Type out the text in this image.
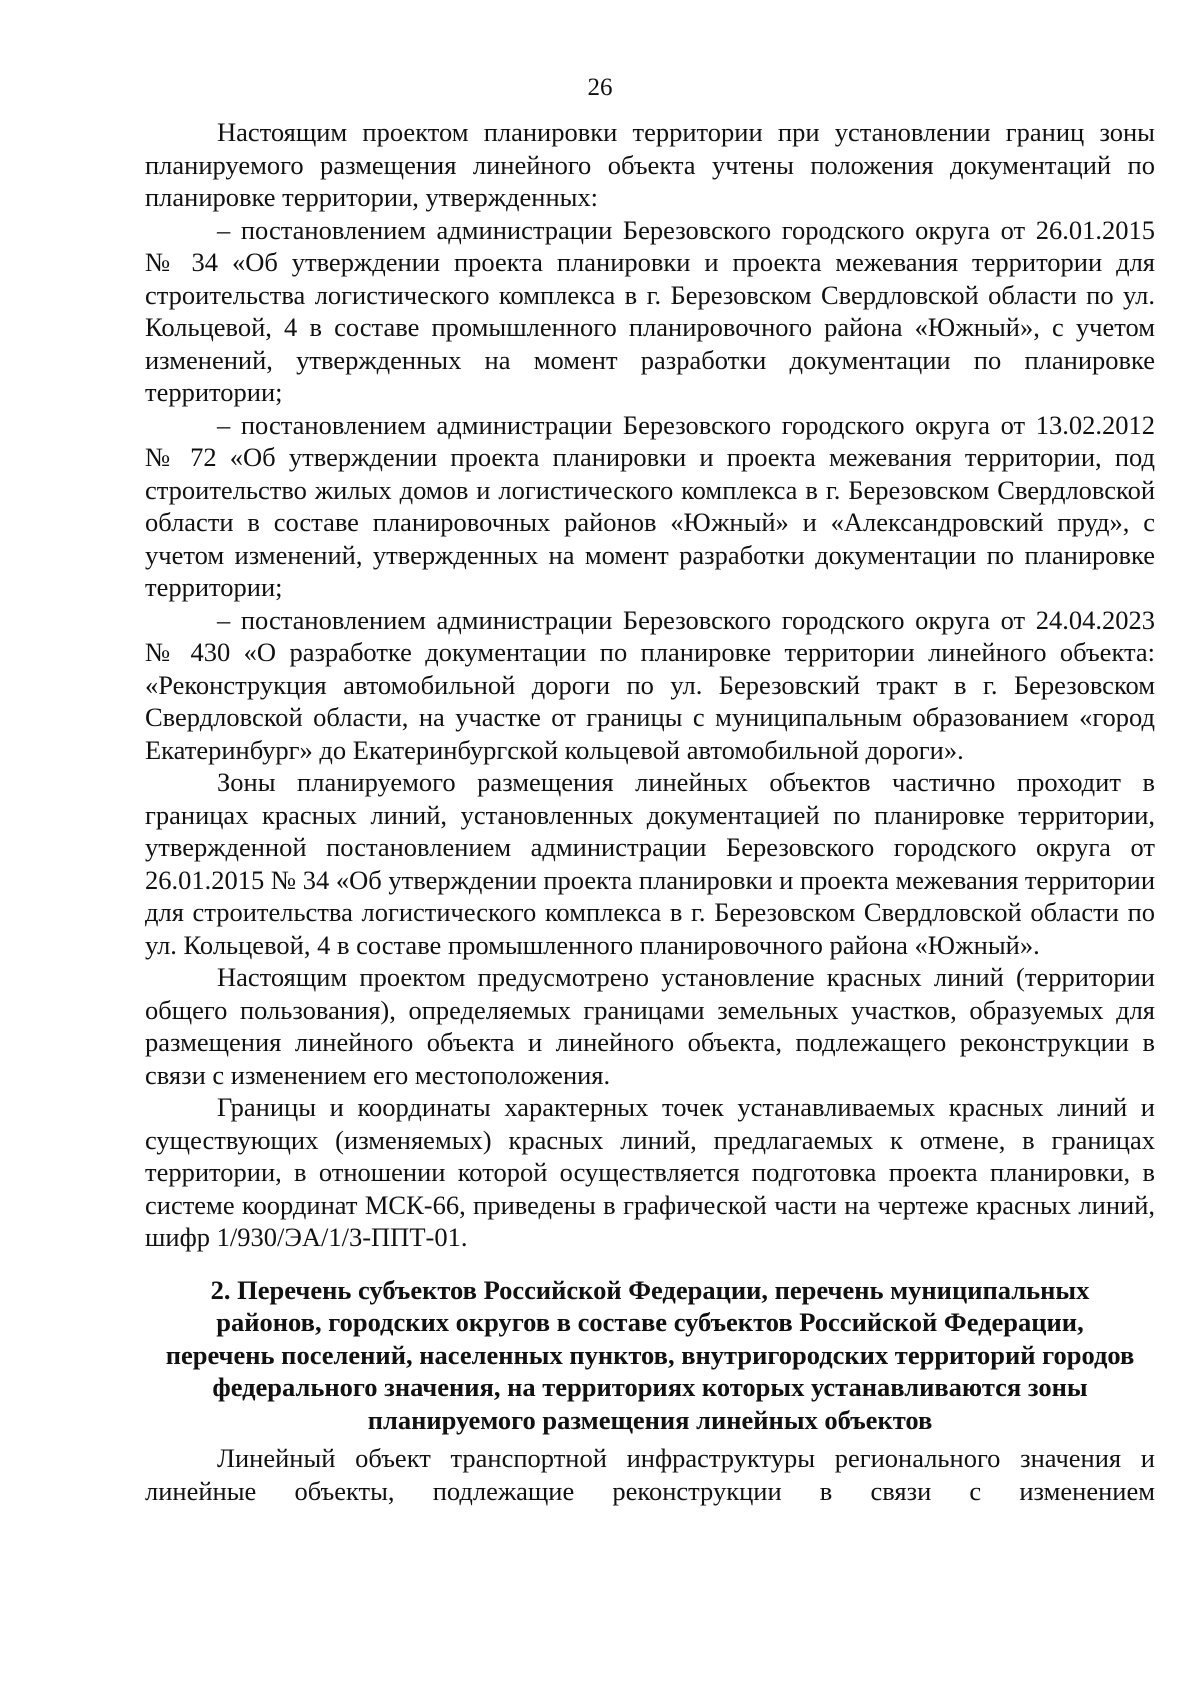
26

Настоящим проектом планировки территории при установлении границ зоны планируемого размещения линейного объекта учтены положения документаций по планировке территории, утвержденных:

– постановлением администрации Березовского городского округа от 26.01.2015 № 34 «Об утверждении проекта планировки и проекта межевания территории для строительства логистического комплекса в г. Березовском Свердловской области по ул. Кольцевой, 4 в составе промышленного планировочного района «Южный», с учетом изменений, утвержденных на момент разработки документации по планировке территории;

– постановлением администрации Березовского городского округа от 13.02.2012 № 72 «Об утверждении проекта планировки и проекта межевания территории, под строительство жилых домов и логистического комплекса в г. Березовском Свердловской области в составе планировочных районов «Южный» и «Александровский пруд», с учетом изменений, утвержденных на момент разработки документации по планировке территории;

– постановлением администрации Березовского городского округа от 24.04.2023 № 430 «О разработке документации по планировке территории линейного объекта: «Реконструкция автомобильной дороги по ул. Березовский тракт в г. Березовском Свердловской области, на участке от границы с муниципальным образованием «город Екатеринбург» до Екатеринбургской кольцевой автомобильной дороги».

Зоны планируемого размещения линейных объектов частично проходит в границах красных линий, установленных документацией по планировке территории, утвержденной постановлением администрации Березовского городского округа от 26.01.2015 № 34 «Об утверждении проекта планировки и проекта межевания территории для строительства логистического комплекса в г. Березовском Свердловской области по ул. Кольцевой, 4 в составе промышленного планировочного района «Южный».

Настоящим проектом предусмотрено установление красных линий (территории общего пользования), определяемых границами земельных участков, образуемых для размещения линейного объекта и линейного объекта, подлежащего реконструкции в связи с изменением его местоположения.

Границы и координаты характерных точек устанавливаемых красных линий и существующих (изменяемых) красных линий, предлагаемых к отмене, в границах территории, в отношении которой осуществляется подготовка проекта планировки, в системе координат МСК-66, приведены в графической части на чертеже красных линий, шифр 1/930/ЭА/1/3-ППТ-01.

2. Перечень субъектов Российской Федерации, перечень муниципальных районов, городских округов в составе субъектов Российской Федерации, перечень поселений, населенных пунктов, внутригородских территорий городов федерального значения, на территориях которых устанавливаются зоны планируемого размещения линейных объектов

Линейный объект транспортной инфраструктуры регионального значения и линейные объекты, подлежащие реконструкции в связи с изменением
